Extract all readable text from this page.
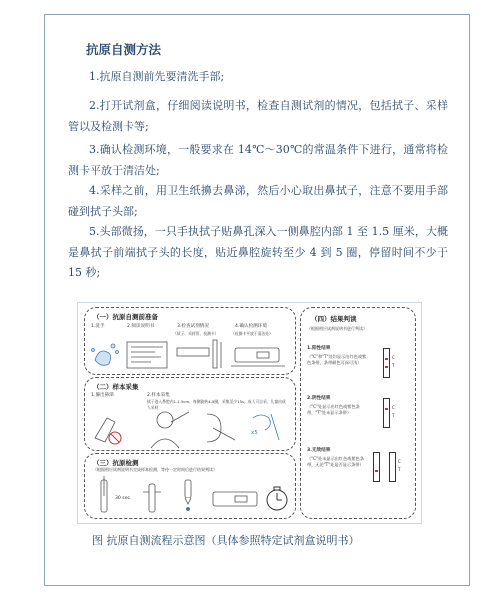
抗原自测方法

1.抗原自测前先要清洗手部;

2.打开试剂盒，仔细阅读说明书，检查自测试剂的情况，包括拭子、采样管以及检测卡等;

3.确认检测环境，一般要求在 14℃～30℃的常温条件下进行，通常将检测卡平放于清洁处;

4.采样之前，用卫生纸擤去鼻涕，然后小心取出鼻拭子，注意不要用手部碰到拭子头部;

5.头部微扬，一只手执拭子贴鼻孔深入一侧鼻腔内部 1 至 1.5 厘米，大概是鼻拭子前端拭子头的长度，贴近鼻腔旋转至少 4 到 5 圈，停留时间不少于 15 秒;

（一）抗原自测前准备
1.洗手	2.阅读说明书	3.检查试剂情况	4.确认检测环境
（拭子、采样管、检测卡）	（检测卡平放于清洁处）
（二）样本采集
1.擤出鼻涕	2.样本采集
拭子进入鼻腔内1-1.5cm，每侧旋转4-5圈，采集至少15s，成人可自采，儿童由成人采样
x5
（三）抗原检测
（根据相应试剂说明书完成样本检测，等待一定时间后进行结果判读）
30 sec.
（四）结果判读
（根据相应试剂说明书进行判读）
1.阳性结果
（"C"和"T"处均显示出红色或紫色条带，条带颜色可深可浅）
C
T
2.阴性结果
（"C"处显示出红色或紫色条带，"T"处未显示条带）
C
T
3.无效结果
（"C"处未显示出红色或紫色条带，无论"T"处是否显示条带）
C
T
图 抗原自测流程示意图（具体参照特定试剂盒说明书）
